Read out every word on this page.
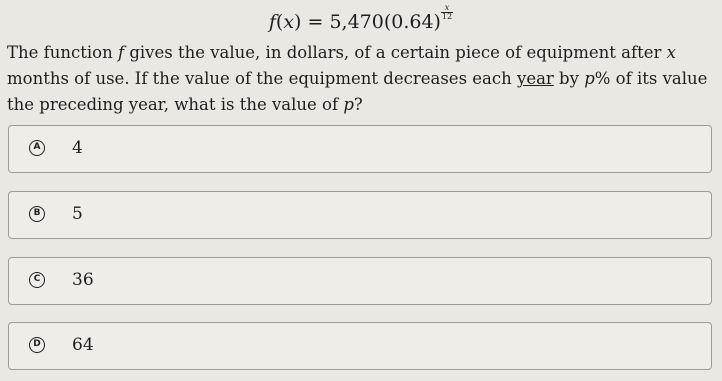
$f(x) = 5,470(0.64) \frac{x}{12}$
The function f gives the value, in dollars, of a certain piece of equipment after x months of use. If the value of the equipment decreases each year by p% of its value the preceding year, what is the value of p?
A 4
B 5
C 36
D 64
